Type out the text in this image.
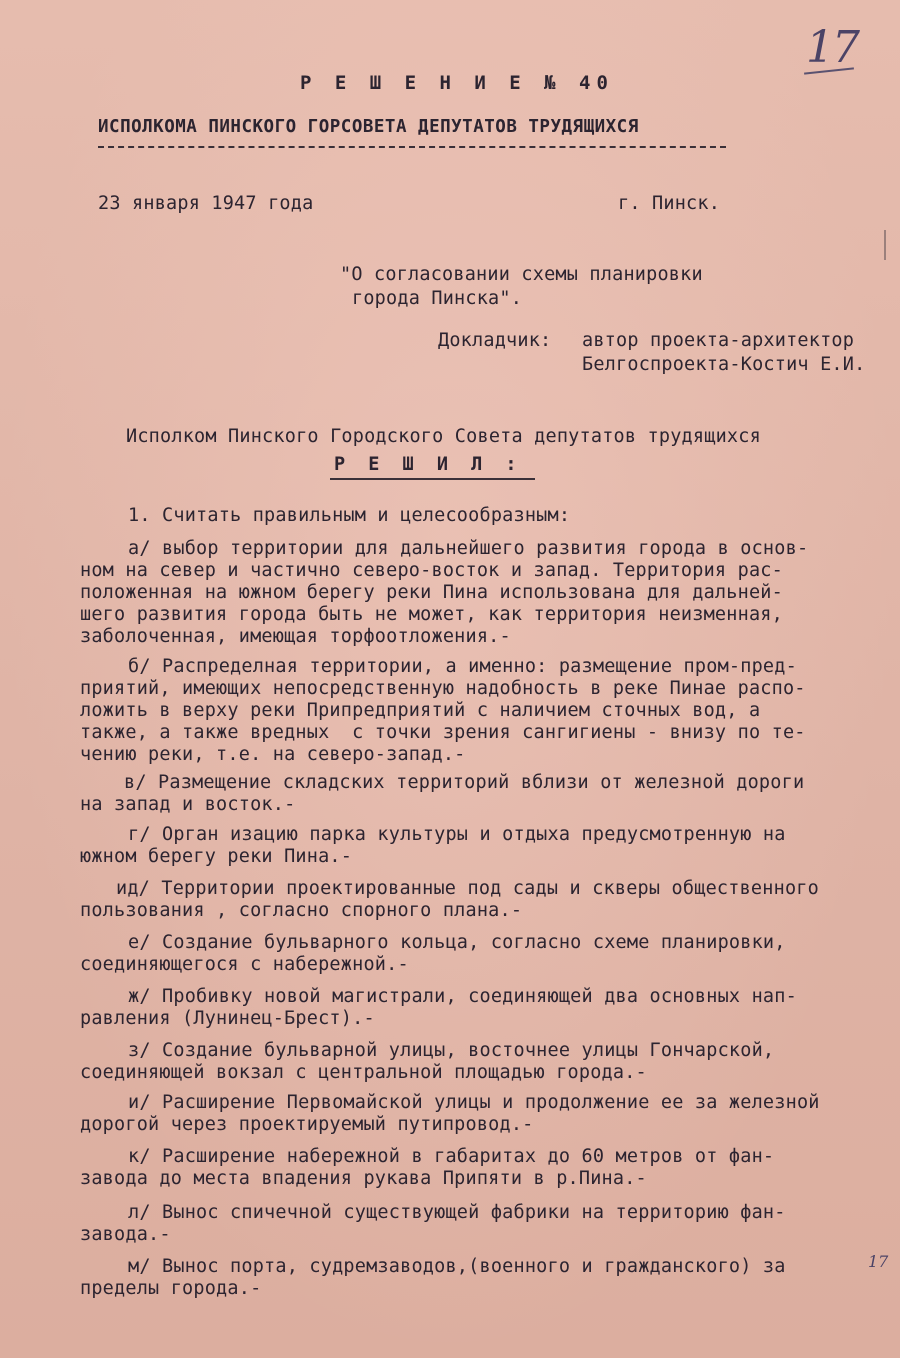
17
Р Е Ш Е Н И Е № 40
ИСПОЛКОМА ПИНСКОГО ГОРСОВЕТА ДЕПУТАТОВ ТРУДЯЩИХСЯ
23 января 1947 года	г. Пинск.
"О согласовании схемы планировки
города Пинска".
Докладчик: автор проекта-архитектор
Белгоспроекта-Костич Е.И.
Исполком Пинского Городского Совета депутатов трудящихся
Р Е Ш И Л :
1. Считать правильным и целесообразным:
а/ выбор территории для дальнейшего развития города в основ-
ном на север и частично северо-восток и запад. Территория рас-
положенная на южном берегу реки Пина использована для дальней-
шего развития города быть не может, как территория неизменная,
заболоченная, имеющая торфоотложения.-
б/ Распределная территории, а именно: размещение пром-пред-
приятий, имеющих непосредственную надобность в реке Пинае распо-
ложить в верху реки Припредприятий с наличием сточных вод, а
также, а также вредных  с точки зрения сангигиены - внизу по те-
чению реки, т.е. на северо-запад.-
в/ Размещение складских территорий вблизи от железной дороги
на запад и восток.-
г/ Орган изацию парка культуры и отдыха предусмотренную на
южном берегу реки Пина.-
ид/ Территории проектированные под сады и скверы общественного
пользования , согласно спорного плана.-
е/ Создание бульварного кольца, согласно схеме планировки,
соединяющегося с набережной.-
ж/ Пробивку новой магистрали, соединяющей два основных нап-
равления (Лунинец-Брест).-
з/ Создание бульварной улицы, восточнее улицы Гончарской,
соединяющей вокзал с центральной площадью города.-
и/ Расширение Первомайской улицы и продолжение ее за железной
дорогой через проектируемый путипровод.-
к/ Расширение набережной в габаритах до 60 метров от фан-
завода до места впадения рукава Припяти в р.Пина.-
л/ Вынос спичечной существующей фабрики на территорию фан-
завода.-
м/ Вынос порта, судремзаводов,(военного и гражданского) за
пределы города.-
17
